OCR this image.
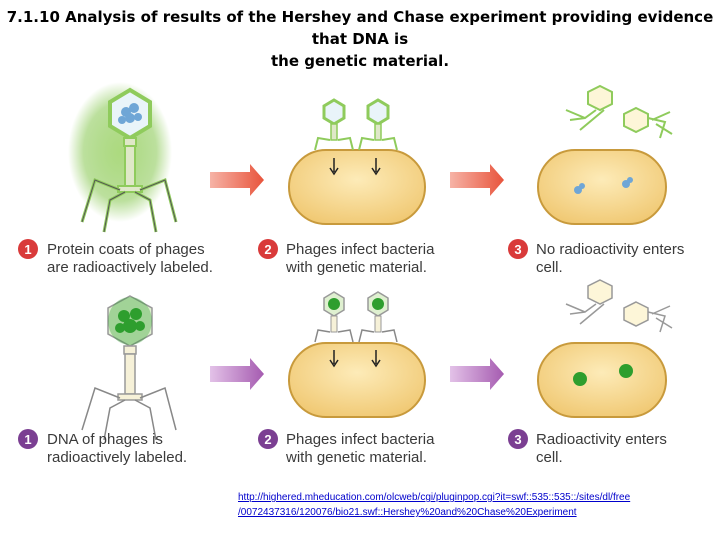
7.1.10 Analysis of results of the Hershey and Chase experiment providing evidence that DNA is
the genetic material.
1 Protein coats of phages
are radioactively labeled.
2 Phages infect bacteria
with genetic material.
3 No radioactivity enters
cell.
1 DNA of phages is
radioactively labeled.
2 Phages infect bacteria
with genetic material.
3 Radioactivity enters
cell.
http://highered.mheducation.com/olcweb/cgi/pluginpop.cgi?it=swf::535::535::/sites/dl/free
/0072437316/120076/bio21.swf::Hershey%20and%20Chase%20Experiment
